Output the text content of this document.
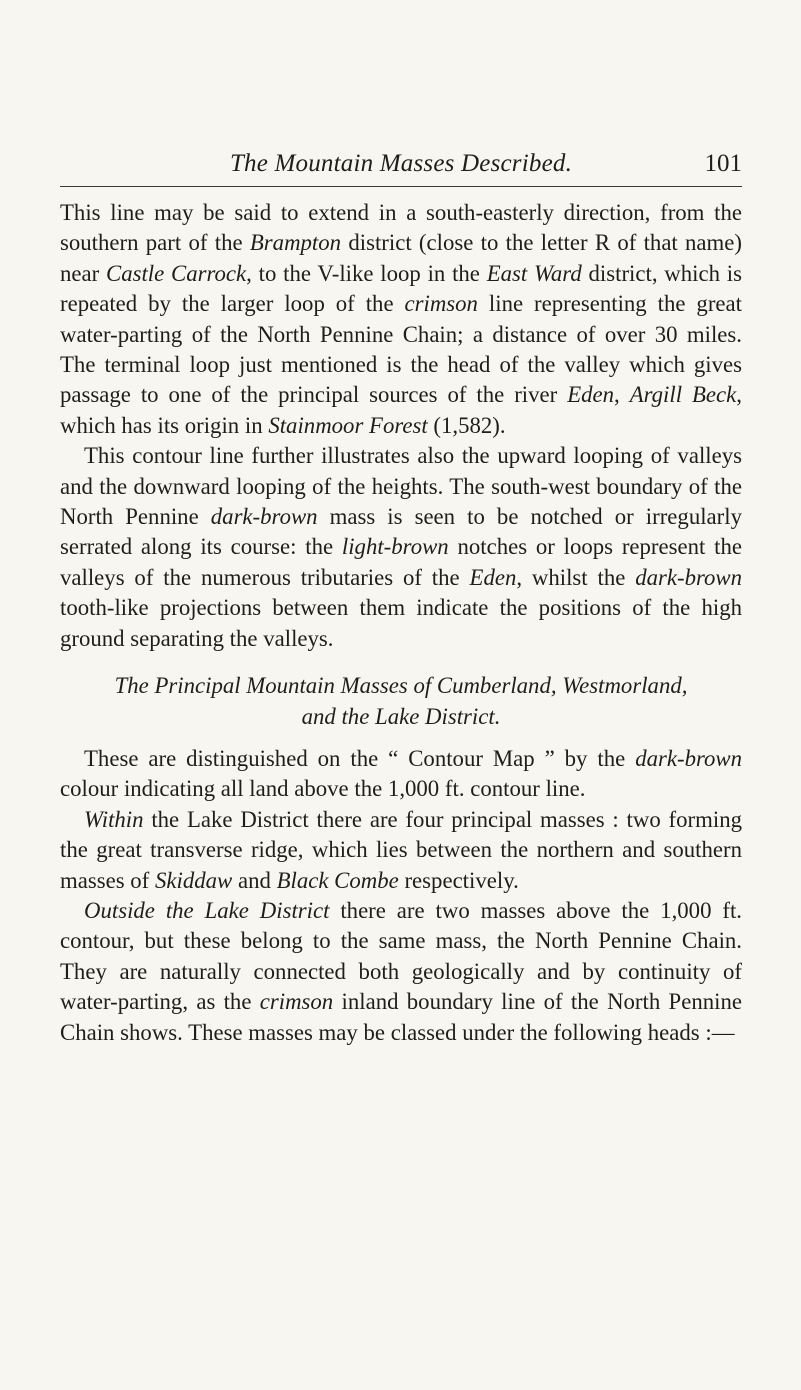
The Mountain Masses Described.	101

This line may be said to extend in a south-easterly direction, from the southern part of the Brampton district (close to the letter R of that name) near Castle Carrock, to the V-like loop in the East Ward district, which is repeated by the larger loop of the crimson line representing the great water-parting of the North Pennine Chain; a distance of over 30 miles. The terminal loop just mentioned is the head of the valley which gives passage to one of the principal sources of the river Eden, Argill Beck, which has its origin in Stainmoor Forest (1,582).

This contour line further illustrates also the upward looping of valleys and the downward looping of the heights. The south-west boundary of the North Pennine dark-brown mass is seen to be notched or irregularly serrated along its course: the light-brown notches or loops represent the valleys of the numerous tributaries of the Eden, whilst the dark-brown tooth-like projections between them indicate the positions of the high ground separating the valleys.

The Principal Mountain Masses of Cumberland, Westmorland,
and the Lake District.

These are distinguished on the “ Contour Map ” by the dark-brown colour indicating all land above the 1,000 ft. contour line.

Within the Lake District there are four principal masses : two forming the great transverse ridge, which lies between the northern and southern masses of Skiddaw and Black Combe respectively.

Outside the Lake District there are two masses above the 1,000 ft. contour, but these belong to the same mass, the North Pennine Chain. They are naturally connected both geologically and by continuity of water-parting, as the crimson inland boundary line of the North Pennine Chain shows. These masses may be classed under the following heads :—
